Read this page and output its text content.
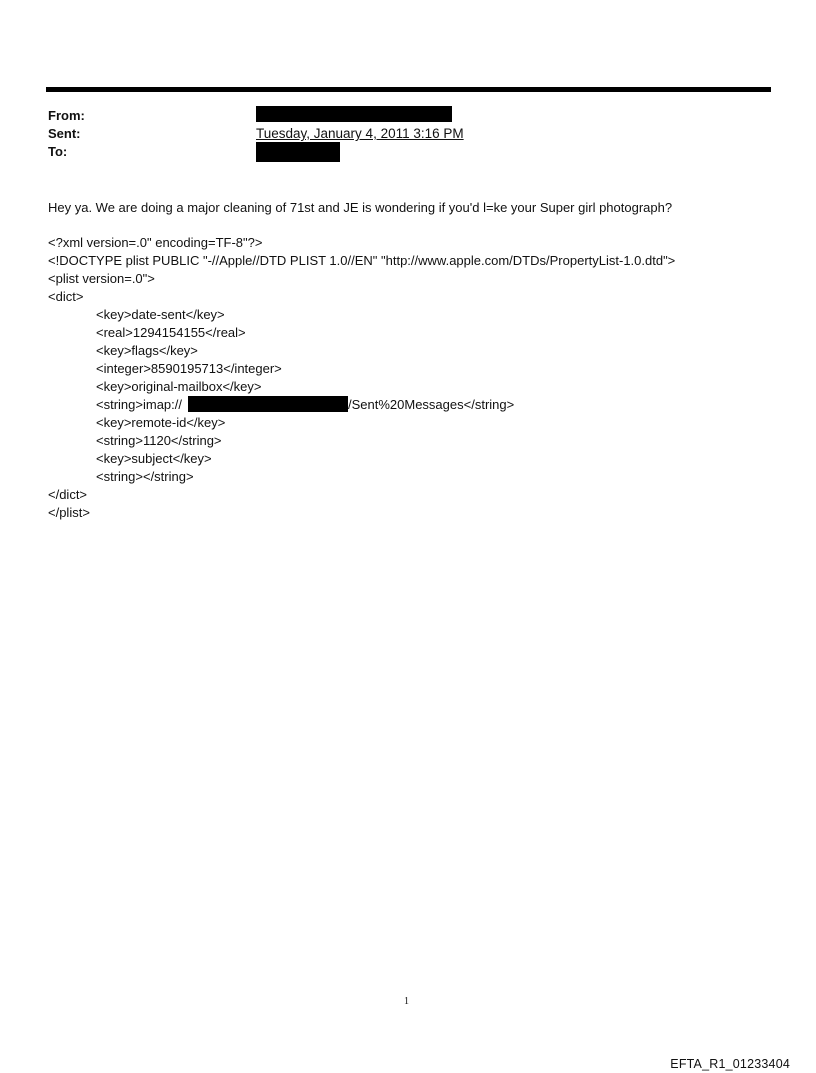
From:
Sent:	Tuesday, January 4, 2011 3:16 PM
To:
Hey ya. We are doing a major cleaning of 71st and JE is wondering if you'd l=ke your Super girl photograph?
<?xml version=.0" encoding=TF-8"?>
<!DOCTYPE plist PUBLIC "-//Apple//DTD PLIST 1.0//EN" "http://www.apple.com/DTDs/PropertyList-1.0.dtd">
<plist version=.0">
<dict>
<key>date-sent</key>
<real>1294154155</real>
<key>flags</key>
<integer>8590195713</integer>
<key>original-mailbox</key>
<string>imap://	/Sent%20Messages</string>
<key>remote-id</key>
<string>1120</string>
<key>subject</key>
<string></string>
</dict>
</plist>
1
EFTA_R1_01233404
